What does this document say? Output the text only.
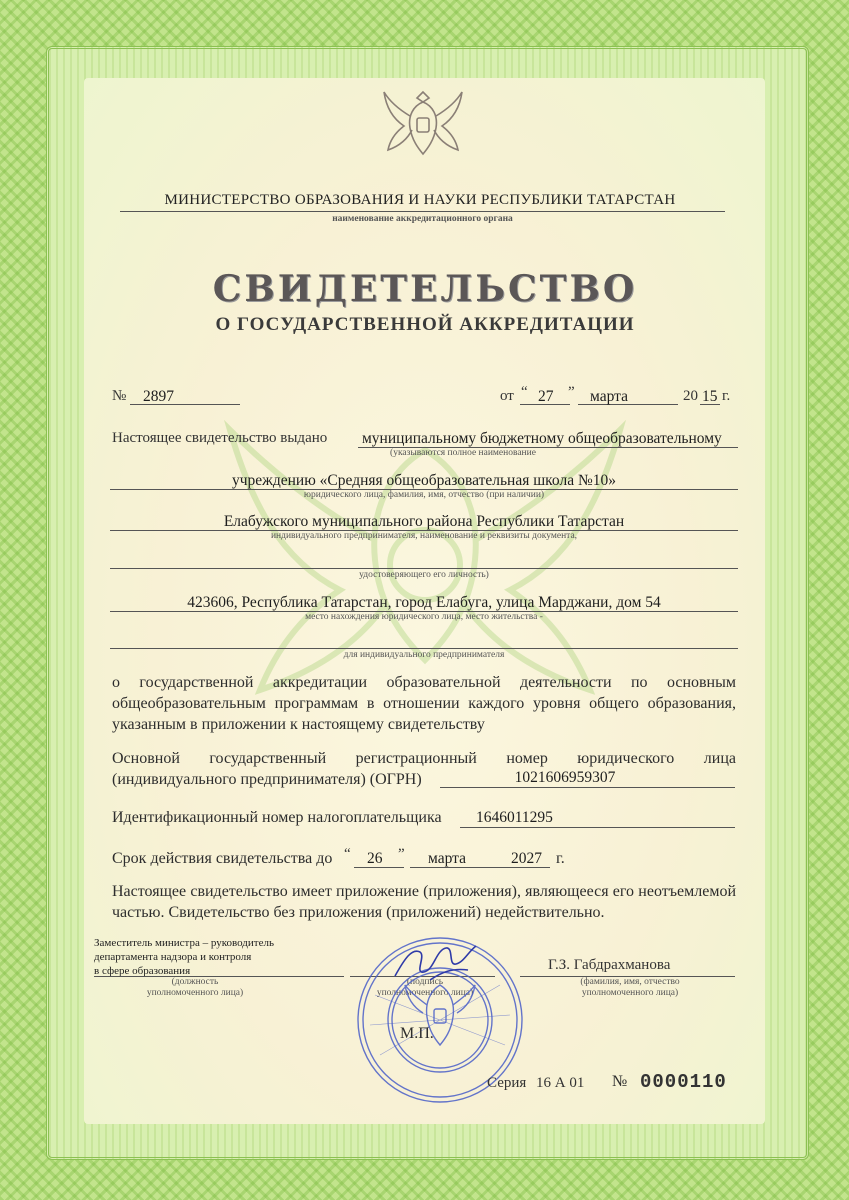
МИНИСТЕРСТВО ОБРАЗОВАНИЯ И НАУКИ РЕСПУБЛИКИ ТАТАРСТАН
наименование аккредитационного органа
СВИДЕТЕЛЬСТВО
О ГОСУДАРСТВЕННОЙ АККРЕДИТАЦИИ
№ 2897	от “ 27 ” марта	20 15 г.
Настоящее свидетельство выдано муниципальному бюджетному общеобразовательному
(указываются полное наименование
учреждению «Средняя общеобразовательная школа №10»
юридического лица, фамилия, имя, отчество (при наличии)
Елабужского муниципального района Республики Татарстан
индивидуального предпринимателя, наименование и реквизиты документа,
удостоверяющего его личность)
423606, Республика Татарстан, город Елабуга, улица Марджани, дом 54
место нахождения юридического лица, место жительства -
для индивидуального предпринимателя
о государственной аккредитации образовательной деятельности по основным общеобразовательным программам в отношении каждого уровня общего образования, указанным в приложении к настоящему свидетельству
Основной государственный регистрационный номер юридического лица (индивидуального предпринимателя) (ОГРН)	1021606959307
Идентификационный номер налогоплательщика 1646011295
Срок действия свидетельства до “ 26 ” марта	2027 г.
Настоящее свидетельство имеет приложение (приложения), являющееся его неотъемлемой частью. Свидетельство без приложения (приложений) недействительно.
Заместитель министра – руководитель
департамента надзора и контроля
в сфере образования
(должность
уполномоченного лица)
(подпись
уполномоченного лица)
Г.З. Габдрахманова
(фамилия, имя, отчество
уполномоченного лица)
М.П.
Серия 16 А 01 № 0000110
